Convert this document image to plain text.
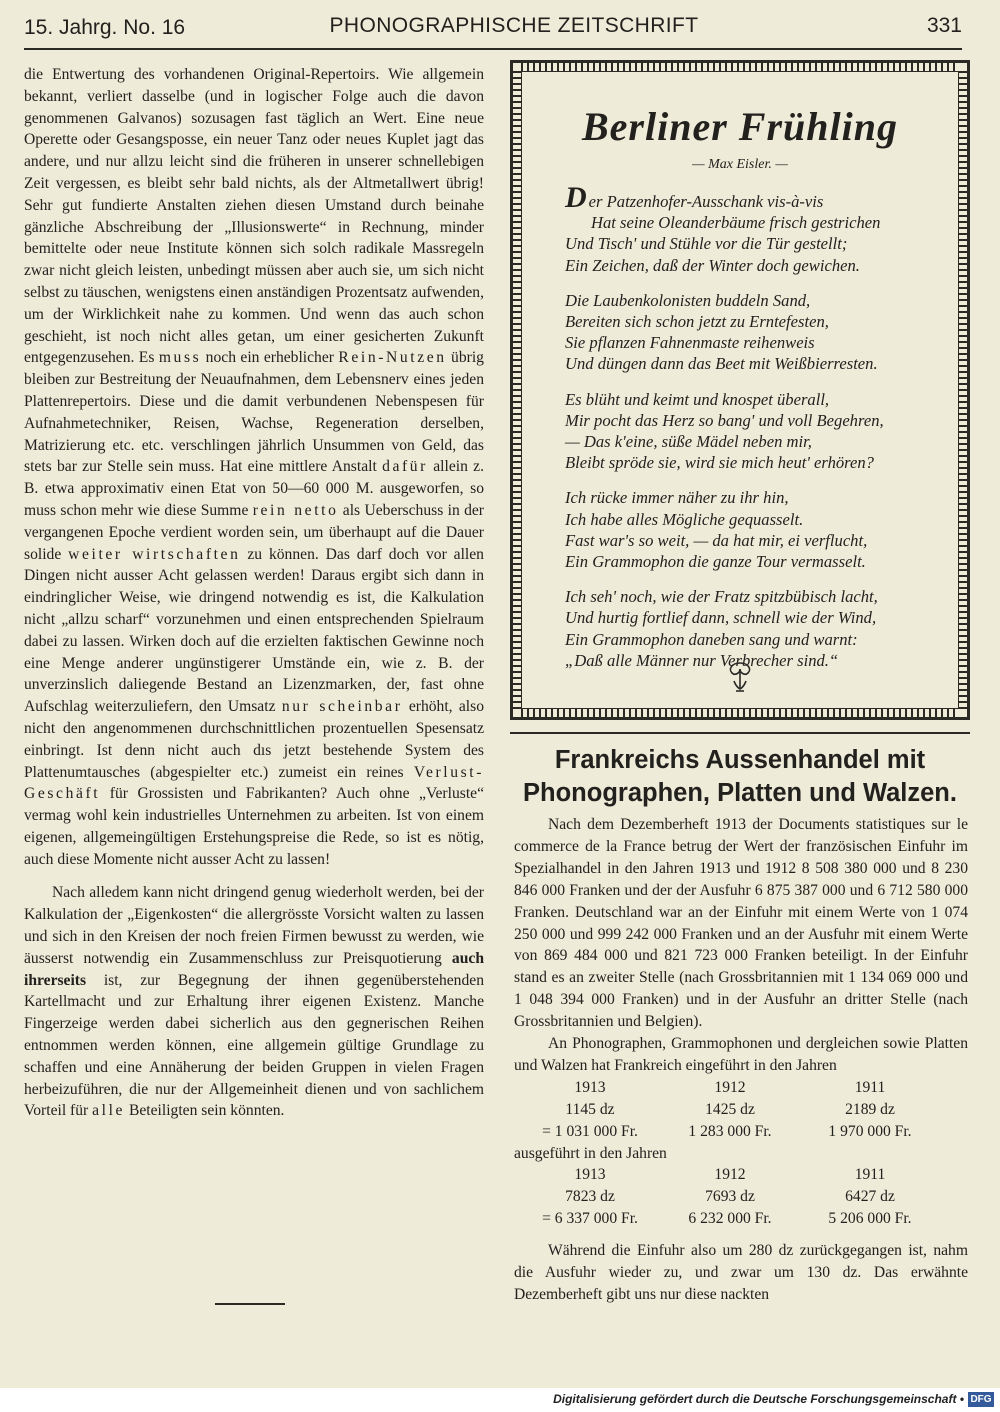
15. Jahrg. No. 16	PHONOGRAPHISCHE ZEITSCHRIFT	331

die Entwertung des vorhandenen Original-Repertoirs. Wie allgemein bekannt, verliert dasselbe (und in logischer Folge auch die davon genommenen Galvanos) sozusagen fast täglich an Wert. Eine neue Operette oder Gesangsposse, ein neuer Tanz oder neues Kuplet jagt das andere, und nur allzu leicht sind die früheren in unserer schnellebigen Zeit vergessen, es bleibt sehr bald nichts, als der Altmetallwert übrig! Sehr gut fundierte Anstalten ziehen diesen Umstand durch beinahe gänzliche Abschreibung der „Illusionswerte“ in Rechnung, minder bemittelte oder neue Institute können sich solch radikale Massregeln zwar nicht gleich leisten, unbedingt müssen aber auch sie, um sich nicht selbst zu täuschen, wenigstens einen anständigen Prozentsatz aufwenden, um der Wirklichkeit nahe zu kommen. Und wenn das auch schon geschieht, ist noch nicht alles getan, um einer gesicherten Zukunft entgegenzusehen. Es muss noch ein erheblicher Rein-Nutzen übrig bleiben zur Bestreitung der Neuaufnahmen, dem Lebensnerv eines jeden Plattenrepertoirs. Diese und die damit verbundenen Nebenspesen für Aufnahmetechniker, Reisen, Wachse, Regeneration derselben, Matrizierung etc. etc. verschlingen jährlich Unsummen von Geld, das stets bar zur Stelle sein muss. Hat eine mittlere Anstalt dafür allein z. B. etwa approximativ einen Etat von 50—60 000 M. ausgeworfen, so muss schon mehr wie diese Summe rein netto als Ueberschuss in der vergangenen Epoche verdient worden sein, um überhaupt auf die Dauer solide weiter wirtschaften zu können. Das darf doch vor allen Dingen nicht ausser Acht gelassen werden! Daraus ergibt sich dann in eindringlicher Weise, wie dringend notwendig es ist, die Kalkulation nicht „allzu scharf“ vorzunehmen und einen entsprechenden Spielraum dabei zu lassen. Wirken doch auf die erzielten faktischen Gewinne noch eine Menge anderer ungünstigerer Umstände ein, wie z. B. der unverzinslich daliegende Bestand an Lizenzmarken, der, fast ohne Aufschlag weiterzuliefern, den Umsatz nur scheinbar erhöht, also nicht den angenommenen durchschnittlichen prozentuellen Spesensatz einbringt. Ist denn nicht auch dıs jetzt bestehende System des Plattenumtausches (abgespielter etc.) zumeist ein reines Verlust-Geschäft für Grossisten und Fabrikanten? Auch ohne „Verluste“ vermag wohl kein industrielles Unternehmen zu arbeiten. Ist von einem eigenen, allgemeingültigen Erstehungspreise die Rede, so ist es nötig, auch diese Momente nicht ausser Acht zu lassen!

Nach alledem kann nicht dringend genug wiederholt werden, bei der Kalkulation der „Eigenkosten“ die allergrösste Vorsicht walten zu lassen und sich in den Kreisen der noch freien Firmen bewusst zu werden, wie äusserst notwendig ein Zusammenschluss zur Preisquotierung auch ihrerseits ist, zur Begegnung der ihnen gegenüberstehenden Kartellmacht und zur Erhaltung ihrer eigenen Existenz. Manche Fingerzeige werden dabei sicherlich aus den gegnerischen Reihen entnommen werden können, eine allgemein gültige Grundlage zu schaffen und eine Annäherung der beiden Gruppen in vielen Fragen herbeizuführen, die nur der Allgemeinheit dienen und von sachlichem Vorteil für alle Beteiligten sein könnten.

Berliner Frühling
— Max Eisler. —
Der Patzenhofer-Ausschank vis-à-vis
Hat seine Oleanderbäume frisch gestrichen
Und Tisch' und Stühle vor die Tür gestellt;
Ein Zeichen, daß der Winter doch gewichen.
Die Laubenkolonisten buddeln Sand,
Bereiten sich schon jetzt zu Erntefesten,
Sie pflanzen Fahnenmaste reihenweis
Und düngen dann das Beet mit Weißbierresten.
Es blüht und keimt und knospet überall,
Mir pocht das Herz so bang' und voll Begehren,
— Das k'eine, süße Mädel neben mir,
Bleibt spröde sie, wird sie mich heut' erhören?
Ich rücke immer näher zu ihr hin,
Ich habe alles Mögliche gequasselt.
Fast war's so weit, — da hat mir, ei verflucht,
Ein Grammophon die ganze Tour vermasselt.
Ich seh' noch, wie der Fratz spitzbübisch lacht,
Und hurtig fortlief dann, schnell wie der Wind,
Ein Grammophon daneben sang und warnt:
„Daß alle Männer nur Verbrecher sind.“
Frankreichs Aussenhandel mit Phonographen, Platten und Walzen.

Nach dem Dezemberheft 1913 der Documents statistiques sur le commerce de la France betrug der Wert der französischen Einfuhr im Spezialhandel in den Jahren 1913 und 1912 8 508 380 000 und 8 230 846 000 Franken und der der Ausfuhr 6 875 387 000 und 6 712 580 000 Franken. Deutschland war an der Einfuhr mit einem Werte von 1 074 250 000 und 999 242 000 Franken und an der Ausfuhr mit einem Werte von 869 484 000 und 821 723 000 Franken beteiligt. In der Einfuhr stand es an zweiter Stelle (nach Grossbritannien mit 1 134 069 000 und 1 048 394 000 Franken) und in der Ausfuhr an dritter Stelle (nach Grossbritannien und Belgien).

An Phonographen, Grammophonen und dergleichen sowie Platten und Walzen hat Frankreich eingeführt in den Jahren

1913	1912	1911
1145 dz	1425 dz	2189 dz
= 1 031 000 Fr.	1 283 000 Fr.	1 970 000 Fr.

ausgeführt in den Jahren

1913	1912	1911
7823 dz	7693 dz	6427 dz
= 6 337 000 Fr.	6 232 000 Fr.	5 206 000 Fr.

Während die Einfuhr also um 280 dz zurückgegangen ist, nahm die Ausfuhr wieder zu, und zwar um 130 dz. Das erwähnte Dezemberheft gibt uns nur diese nackten

Digitalisierung gefördert durch die Deutsche Forschungsgemeinschaft • DFG
